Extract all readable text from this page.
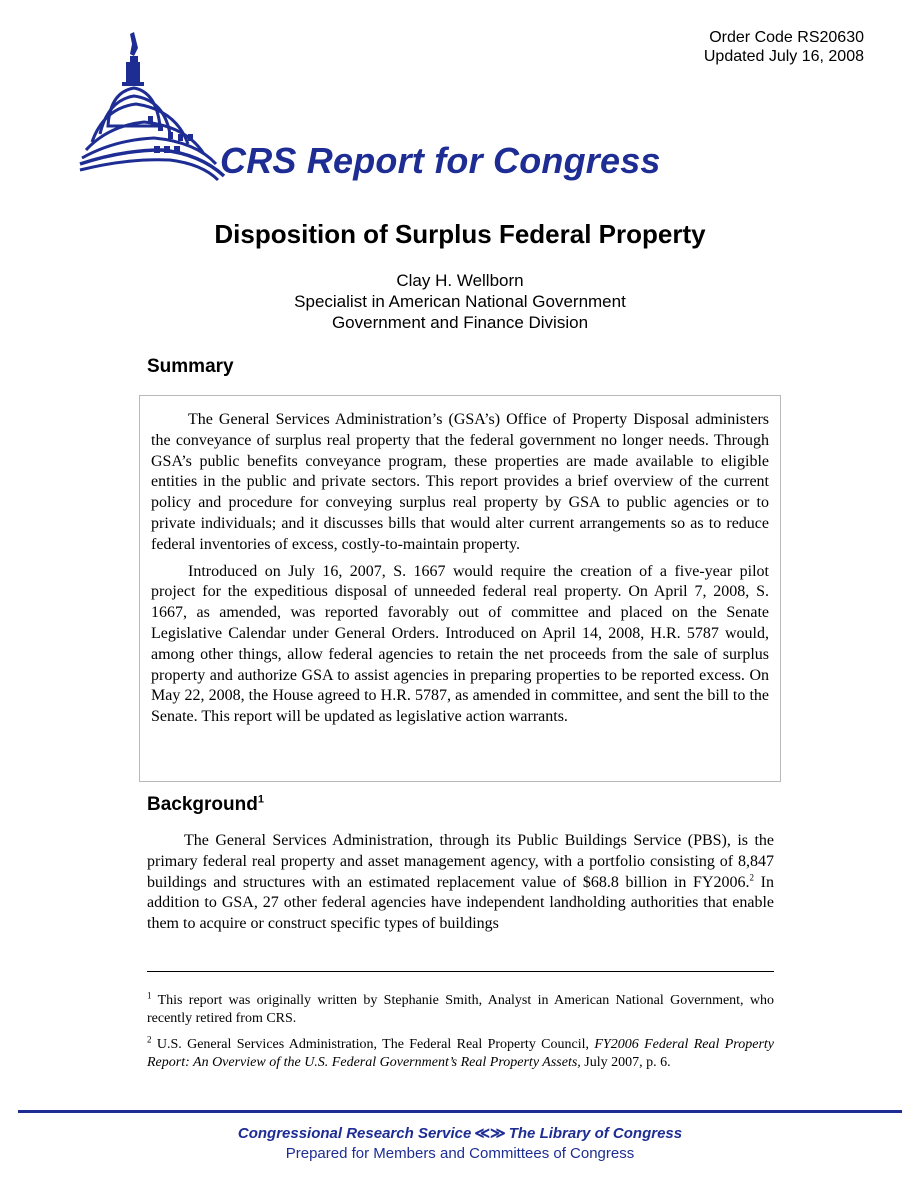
Order Code RS20630
Updated July 16, 2008
CRS Report for Congress
Disposition of Surplus Federal Property
Clay H. Wellborn
Specialist in American National Government
Government and Finance Division
Summary

The General Services Administration’s (GSA’s) Office of Property Disposal administers the conveyance of surplus real property that the federal government no longer needs. Through GSA’s public benefits conveyance program, these properties are made available to eligible entities in the public and private sectors. This report provides a brief overview of the current policy and procedure for conveying surplus real property by GSA to public agencies or to private individuals; and it discusses bills that would alter current arrangements so as to reduce federal inventories of excess, costly-to-maintain property.

Introduced on July 16, 2007, S. 1667 would require the creation of a five-year pilot project for the expeditious disposal of unneeded federal real property. On April 7, 2008, S. 1667, as amended, was reported favorably out of committee and placed on the Senate Legislative Calendar under General Orders. Introduced on April 14, 2008, H.R. 5787 would, among other things, allow federal agencies to retain the net proceeds from the sale of surplus property and authorize GSA to assist agencies in preparing properties to be reported excess. On May 22, 2008, the House agreed to H.R. 5787, as amended in committee, and sent the bill to the Senate. This report will be updated as legislative action warrants.

Background$^1$

The General Services Administration, through its Public Buildings Service (PBS), is the primary federal real property and asset management agency, with a portfolio consisting of 8,847 buildings and structures with an estimated replacement value of $68.8 billion in FY2006.$^2$ In addition to GSA, 27 other federal agencies have independent landholding authorities that enable them to acquire or construct specific types of buildings

$^1$ This report was originally written by Stephanie Smith, Analyst in American National Government, who recently retired from CRS.

$^2$ U.S. General Services Administration, The Federal Real Property Council, FY2006 Federal Real Property Report: An Overview of the U.S. Federal Government’s Real Property Assets, July 2007, p. 6.

Congressional Research Service ≪≫ The Library of Congress
Prepared for Members and Committees of Congress
